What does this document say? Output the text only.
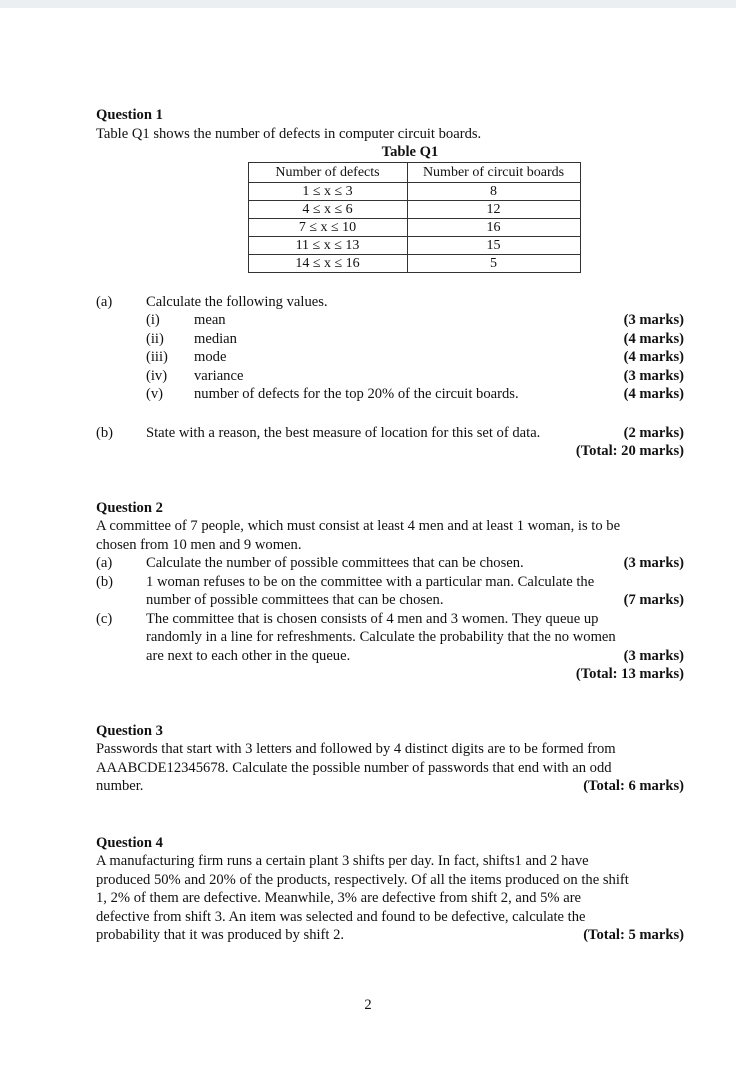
Question 1
Table Q1 shows the number of defects in computer circuit boards.
Table Q1
Number of defects	Number of circuit boards
1 ≤ x ≤ 3	8
4 ≤ x ≤ 6	12
7 ≤ x ≤ 10	16
11 ≤ x ≤ 13	15
14 ≤ x ≤ 16	5
(a)	Calculate the following values.
(i)	mean	(3 marks)
(ii)	median	(4 marks)
(iii)	mode	(4 marks)
(iv)	variance	(3 marks)
(v)	number of defects for the top 20% of the circuit boards.	(4 marks)
(b)	State with a reason, the best measure of location for this set of data.	(2 marks)
(Total: 20 marks)
Question 2
A committee of 7 people, which must consist at least 4 men and at least 1 woman, is to be
chosen from 10 men and 9 women.
(a)	Calculate the number of possible committees that can be chosen.	(3 marks)
(b)	1 woman refuses to be on the committee with a particular man. Calculate the
number of possible committees that can be chosen.	(7 marks)
(c)	The committee that is chosen consists of 4 men and 3 women. They queue up
randomly in a line for refreshments. Calculate the probability that the no women
are next to each other in the queue.	(3 marks)
(Total: 13 marks)
Question 3
Passwords that start with 3 letters and followed by 4 distinct digits are to be formed from
AAABCDE12345678. Calculate the possible number of passwords that end with an odd
number.	(Total: 6 marks)
Question 4
A manufacturing firm runs a certain plant 3 shifts per day. In fact, shifts1 and 2 have
produced 50% and 20% of the products, respectively. Of all the items produced on the shift
1, 2% of them are defective. Meanwhile, 3% are defective from shift 2, and 5% are
defective from shift 3. An item was selected and found to be defective, calculate the
probability that it was produced by shift 2.	(Total: 5 marks)
2
